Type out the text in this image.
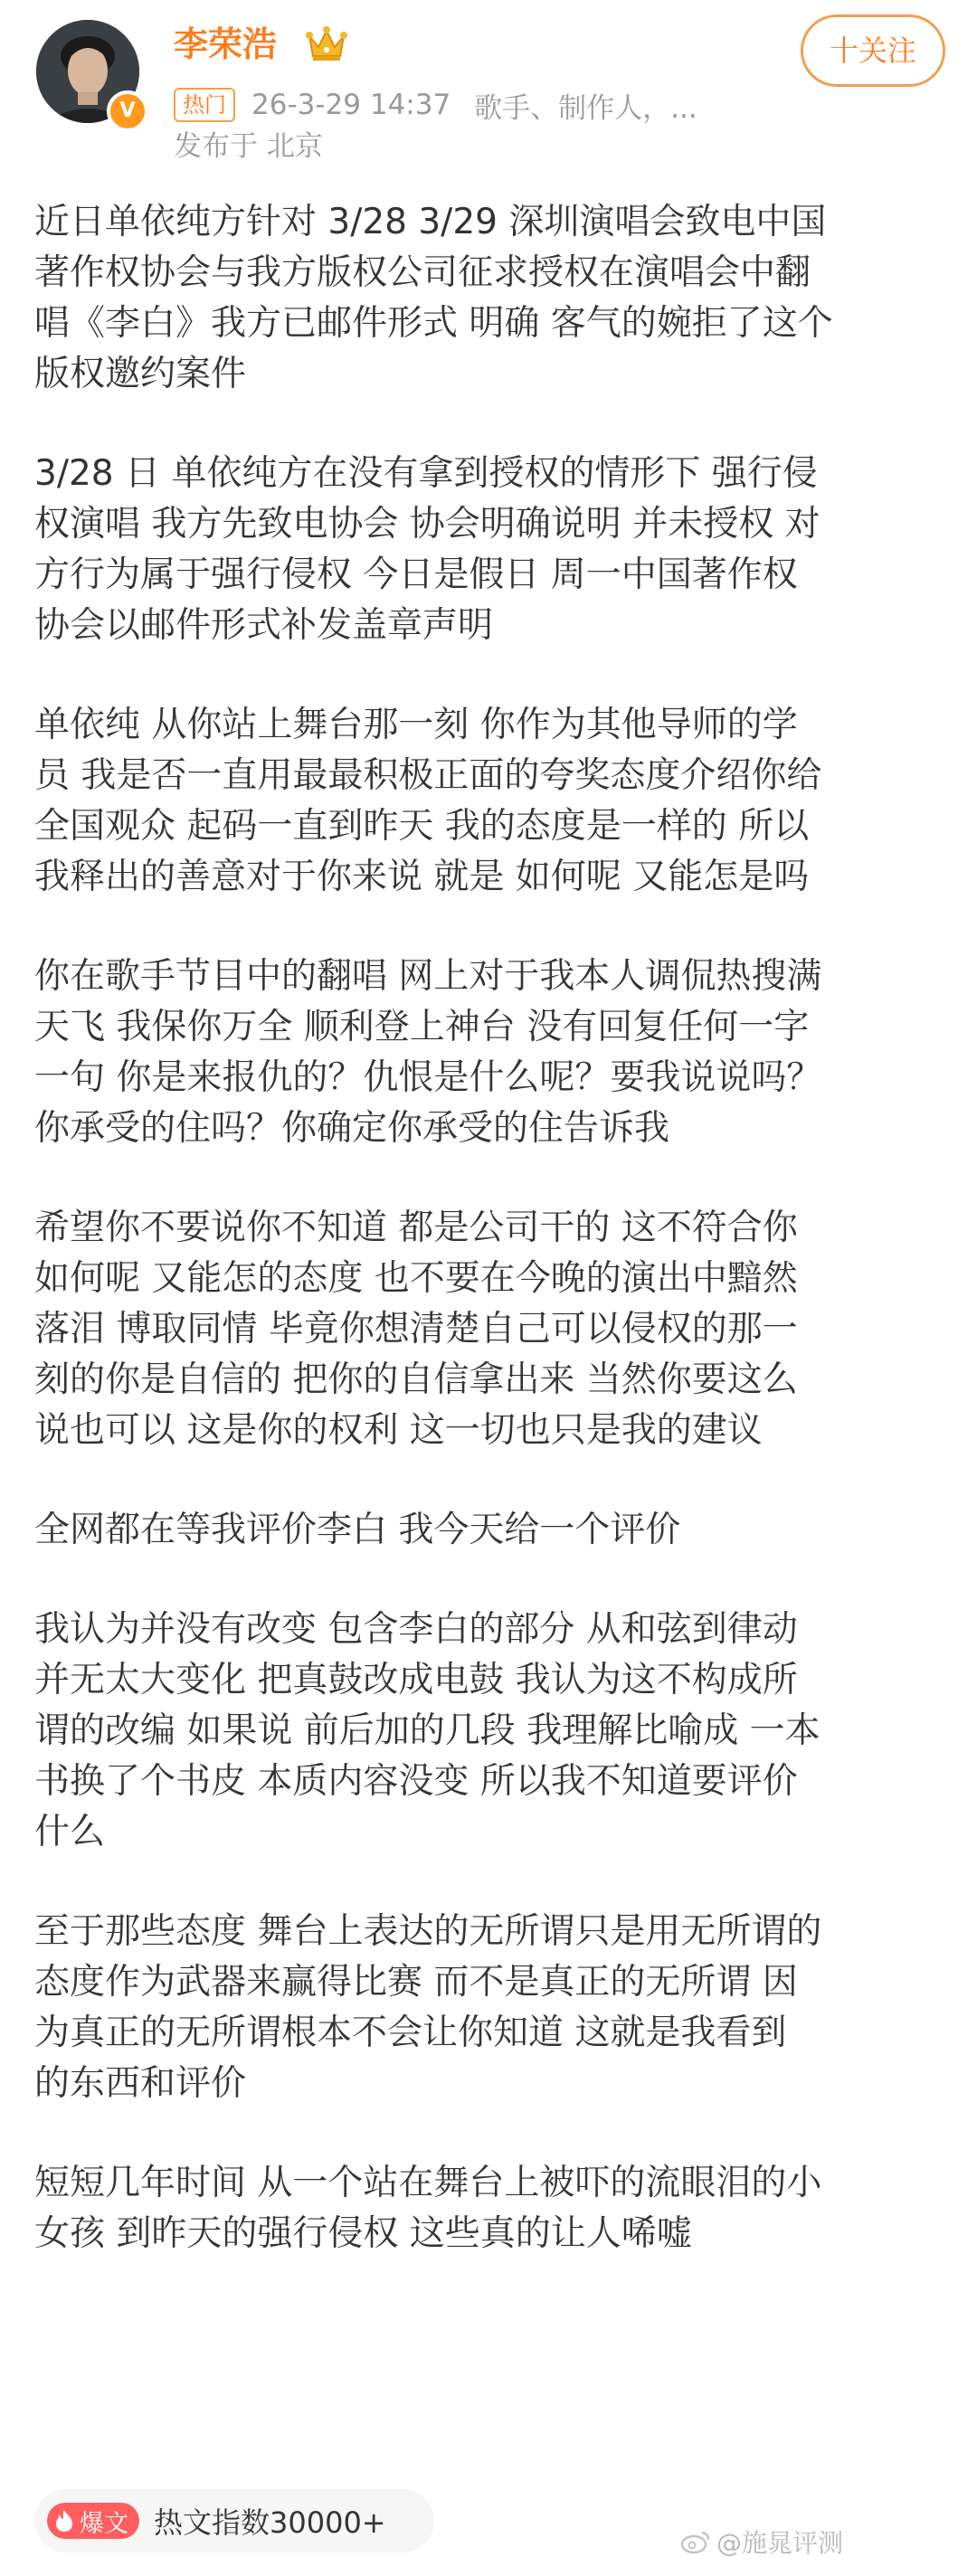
V
李荣浩	十关注
热门 26-3-29 14:37 歌手、制作人，...
发布于 北京

近日单依纯方针对 3/28 3/29 深圳演唱会致电中国
著作权协会与我方版权公司征求授权在演唱会中翻
唱《李白》我方已邮件形式 明确 客气的婉拒了这个
版权邀约案件

3/28 日 单依纯方在没有拿到授权的情形下 强行侵
权演唱 我方先致电协会 协会明确说明 并未授权 对
方行为属于强行侵权 今日是假日 周一中国著作权
协会以邮件形式补发盖章声明

单依纯 从你站上舞台那一刻 你作为其他导师的学
员 我是否一直用最最积极正面的夸奖态度介绍你给
全国观众 起码一直到昨天 我的态度是一样的 所以
我释出的善意对于你来说 就是 如何呢 又能怎是吗

你在歌手节目中的翻唱 网上对于我本人调侃热搜满
天飞 我保你万全 顺利登上神台 没有回复任何一字
一句 你是来报仇的？仇恨是什么呢？要我说说吗？
你承受的住吗？你确定你承受的住告诉我

希望你不要说你不知道 都是公司干的 这不符合你
如何呢 又能怎的态度 也不要在今晚的演出中黯然
落泪 博取同情 毕竟你想清楚自己可以侵权的那一
刻的你是自信的 把你的自信拿出来 当然你要这么
说也可以 这是你的权利 这一切也只是我的建议

全网都在等我评价李白 我今天给一个评价

我认为并没有改变 包含李白的部分 从和弦到律动
并无太大变化 把真鼓改成电鼓 我认为这不构成所
谓的改编 如果说 前后加的几段 我理解比喻成 一本
书换了个书皮 本质内容没变 所以我不知道要评价
什么

至于那些态度 舞台上表达的无所谓只是用无所谓的
态度作为武器来赢得比赛 而不是真正的无所谓 因
为真正的无所谓根本不会让你知道 这就是我看到
的东西和评价

短短几年时间 从一个站在舞台上被吓的流眼泪的小
女孩 到昨天的强行侵权 这些真的让人唏嘘

爆文 热文指数30000+
@施晁评测
